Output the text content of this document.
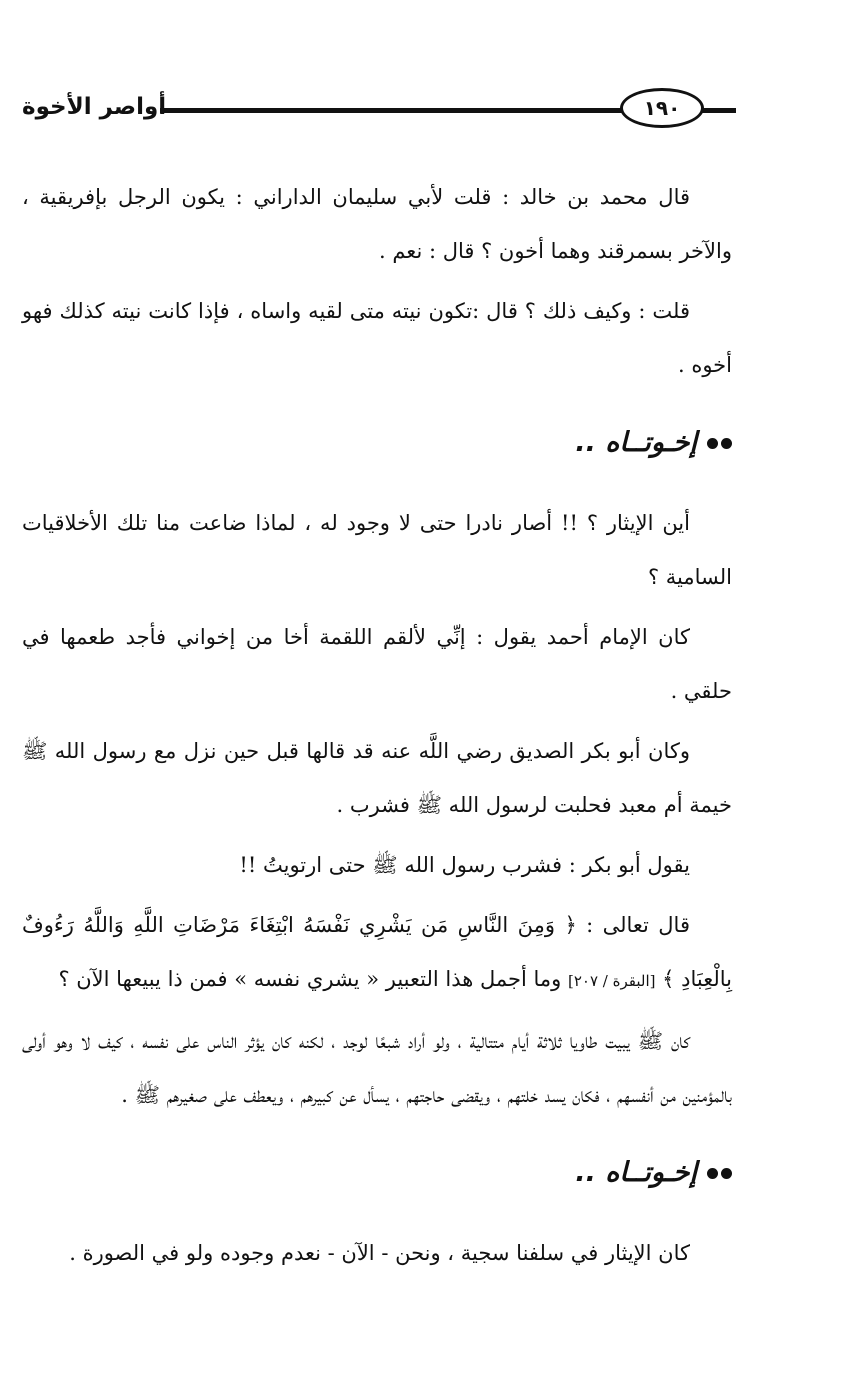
١٩٠
أواصر الأخوة

قال محمد بن خالد : قلت لأبي سليمان الداراني : يكون الرجل بإفريقية ، والآخر بسمرقند وهما أخون ؟ قال : نعم .

قلت : وكيف ذلك ؟ قال :تكون نيته متى لقيه واساه ، فإذا كانت نيته كذلك فهو أخوه .

إخـوتــاه ..

أين الإيثار ؟ !! أصار نادرا حتى لا وجود له ، لماذا ضاعت منا تلك الأخلاقيات السامية ؟

كان الإمام أحمد يقول : إنِّي لألقم اللقمة أخا من إخواني فأجد طعمها في حلقي .

وكان أبو بكر الصديق رضي اللَّه عنه قد قالها قبل حين نزل مع رسول الله ﷺ خيمة أم معبد فحلبت لرسول الله ﷺ فشرب .

يقول أبو بكر : فشرب رسول الله ﷺ حتى ارتويتُ !!

قال تعالى : ﴿ وَمِنَ النَّاسِ مَن يَشْرِي نَفْسَهُ ابْتِغَاءَ مَرْضَاتِ اللَّهِ وَاللَّهُ رَءُوفٌ بِالْعِبَادِ ﴾ [البقرة / ٢٠٧] وما أجمل هذا التعبير « يشري نفسه » فمن ذا يبيعها الآن ؟

كان ﷺ يبيت طاويا ثلاثة أيام متتالية ، ولو أراد شبعًا لوجد ، لكنه كان يؤثر الناس على نفسه ، كيف لا وهو أولى بالمؤمنين من أنفسهم ، فكان يسد خلتهم ، ويقضى حاجتهم ، يسأل عن كبيرهم ، ويعطف على صغيرهم ﷺ .

إخـوتــاه ..

كان الإيثار في سلفنا سجية ، ونحن - الآن - نعدم وجوده ولو في الصورة .
